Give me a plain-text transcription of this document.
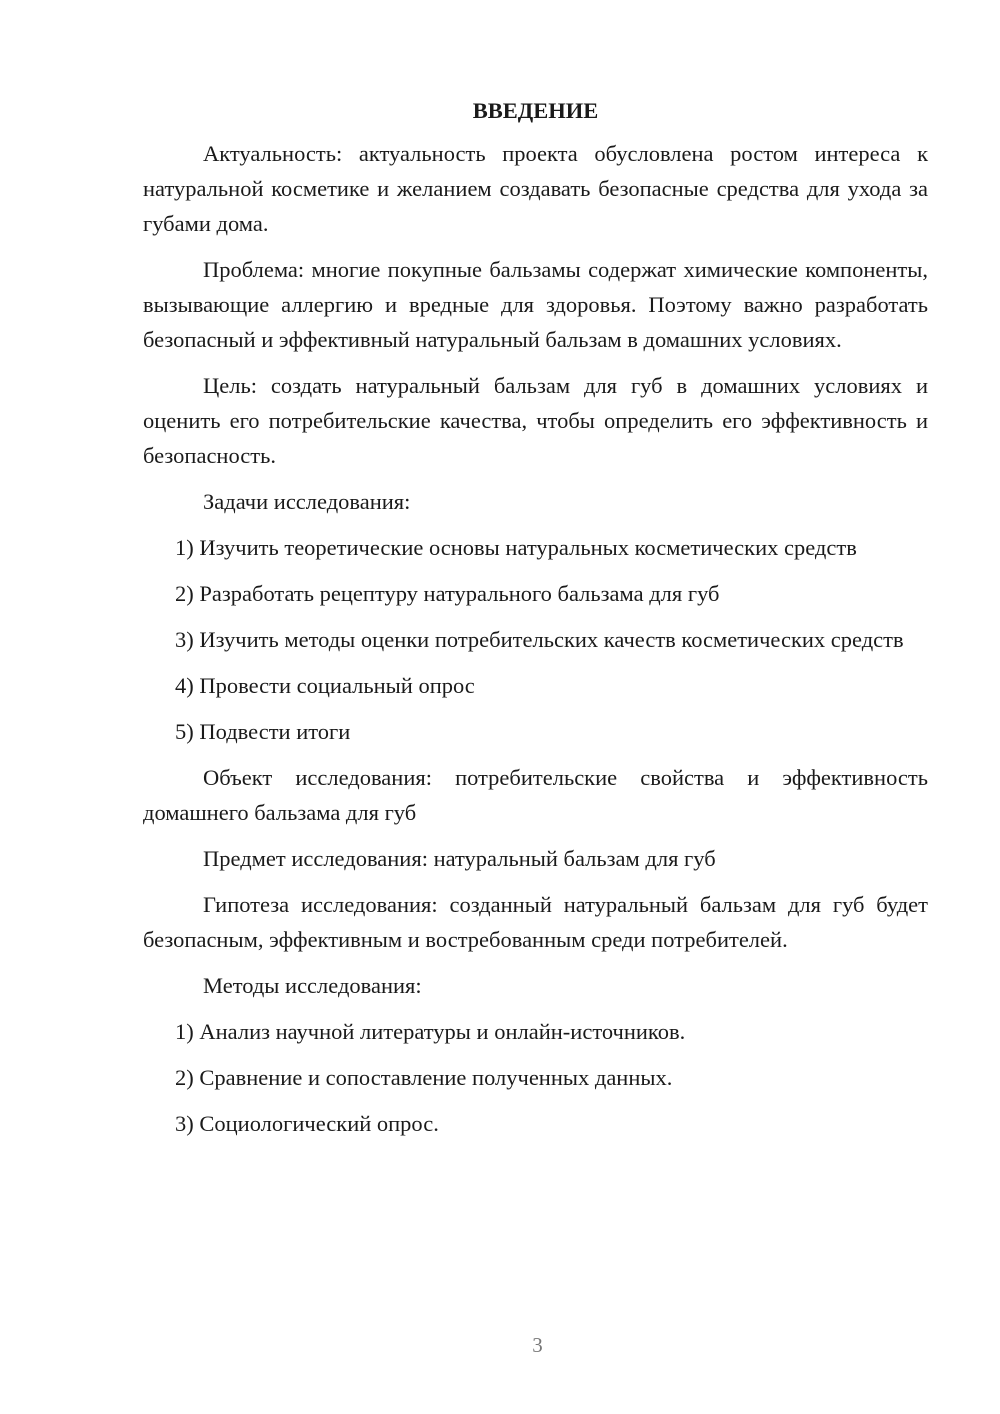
ВВЕДЕНИЕ

Актуальность: актуальность проекта обусловлена ростом интереса к натуральной косметике и желанием создавать безопасные средства для ухода за губами дома.

Проблема: многие покупные бальзамы содержат химические компоненты, вызывающие аллергию и вредные для здоровья. Поэтому важно разработать безопасный и эффективный натуральный бальзам в домашних условиях.

Цель: создать натуральный бальзам для губ в домашних условиях и оценить его потребительские качества, чтобы определить его эффективность и безопасность.

Задачи исследования:

1) Изучить теоретические основы натуральных косметических средств

2) Разработать рецептуру натурального бальзама для губ

3) Изучить методы оценки потребительских качеств косметических средств

4) Провести социальный опрос

5) Подвести итоги

Объект исследования: потребительские свойства и эффективность домашнего бальзама для губ

Предмет исследования: натуральный бальзам для губ

Гипотеза исследования: созданный натуральный бальзам для губ будет безопасным, эффективным и востребованным среди потребителей.

Методы исследования:

1) Анализ научной литературы и онлайн-источников.

2) Сравнение и сопоставление полученных данных.

3) Социологический опрос.

3
